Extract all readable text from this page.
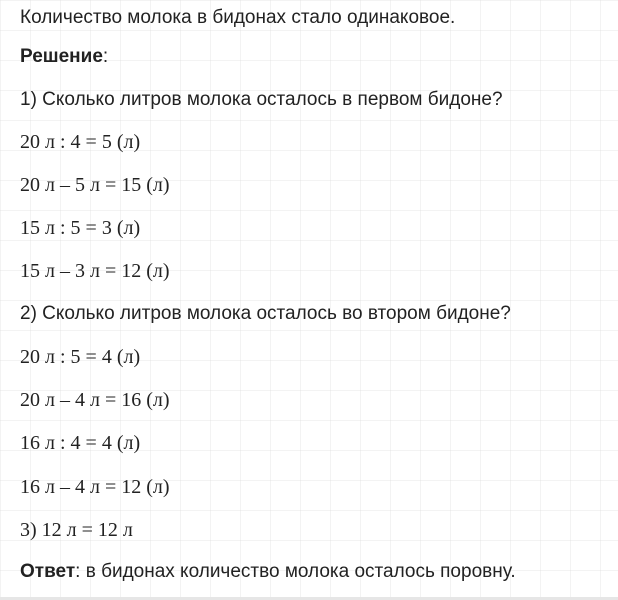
Количество молока в бидонах стало одинаковое.
Решение:
1) Сколько литров молока осталось в первом бидоне?
20 л : 4 = 5 (л)
20 л – 5 л = 15 (л)
15 л : 5 = 3 (л)
15 л – 3 л = 12 (л)
2) Сколько литров молока осталось во втором бидоне?
20 л : 5 = 4 (л)
20 л – 4 л = 16 (л)
16 л : 4 = 4 (л)
16 л – 4 л = 12 (л)
3) 12 л = 12 л
Ответ: в бидонах количество молока осталось поровну.
